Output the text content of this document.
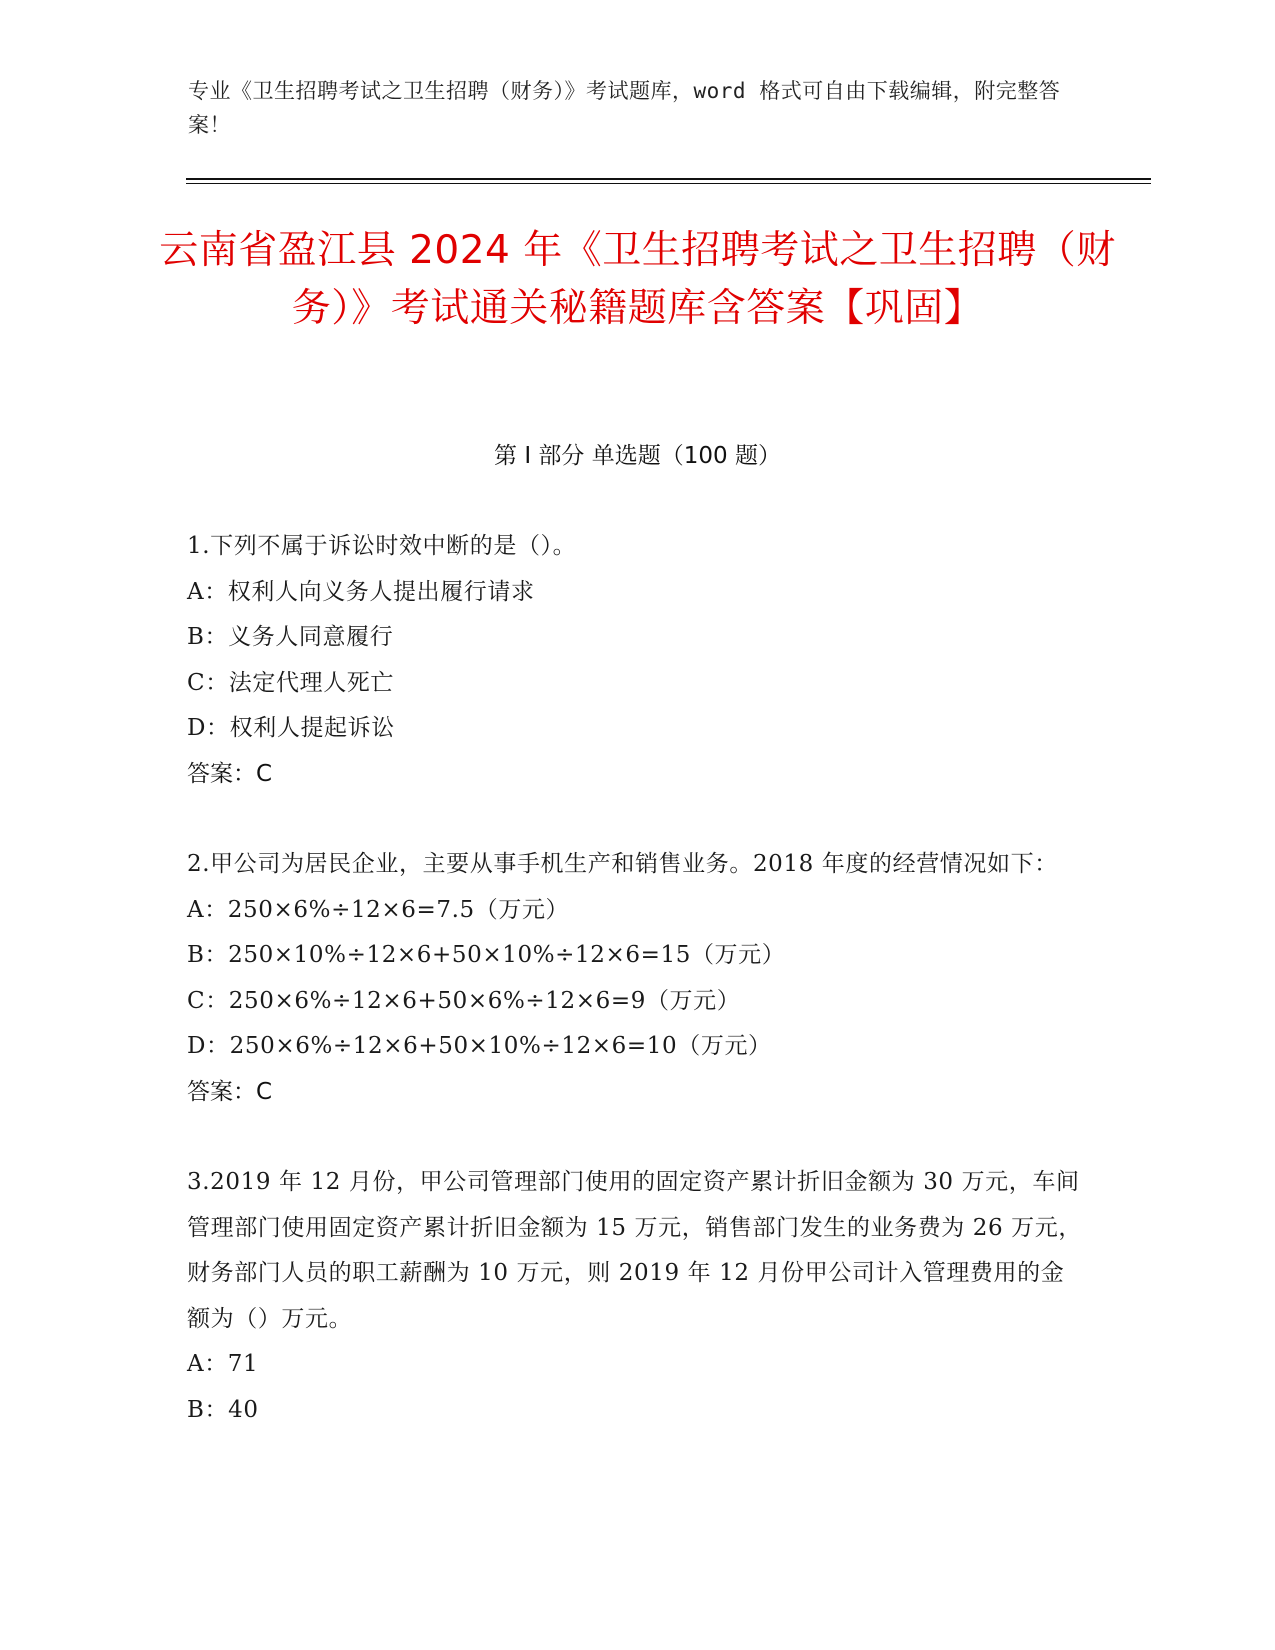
专业《卫生招聘考试之卫生招聘（财务）》考试题库，word 格式可自由下载编辑，附完整答案！
云南省盈江县 2024 年《卫生招聘考试之卫生招聘（财务）》考试通关秘籍题库含答案【巩固】
第 I 部分 单选题（100 题）
1.下列不属于诉讼时效中断的是（）。
A：权利人向义务人提出履行请求
B：义务人同意履行
C：法定代理人死亡
D：权利人提起诉讼
答案：C
2.甲公司为居民企业，主要从事手机生产和销售业务。2018 年度的经营情况如下：
A：250×6%÷12×6=7.5（万元）
B：250×10%÷12×6+50×10%÷12×6=15（万元）
C：250×6%÷12×6+50×6%÷12×6=9（万元）
D：250×6%÷12×6+50×10%÷12×6=10（万元）
答案：C
3.2019 年 12 月份，甲公司管理部门使用的固定资产累计折旧金额为 30 万元，车间管理部门使用固定资产累计折旧金额为 15 万元，销售部门发生的业务费为 26 万元，财务部门人员的职工薪酬为 10 万元，则 2019 年 12 月份甲公司计入管理费用的金额为（）万元。
A：71
B：40
